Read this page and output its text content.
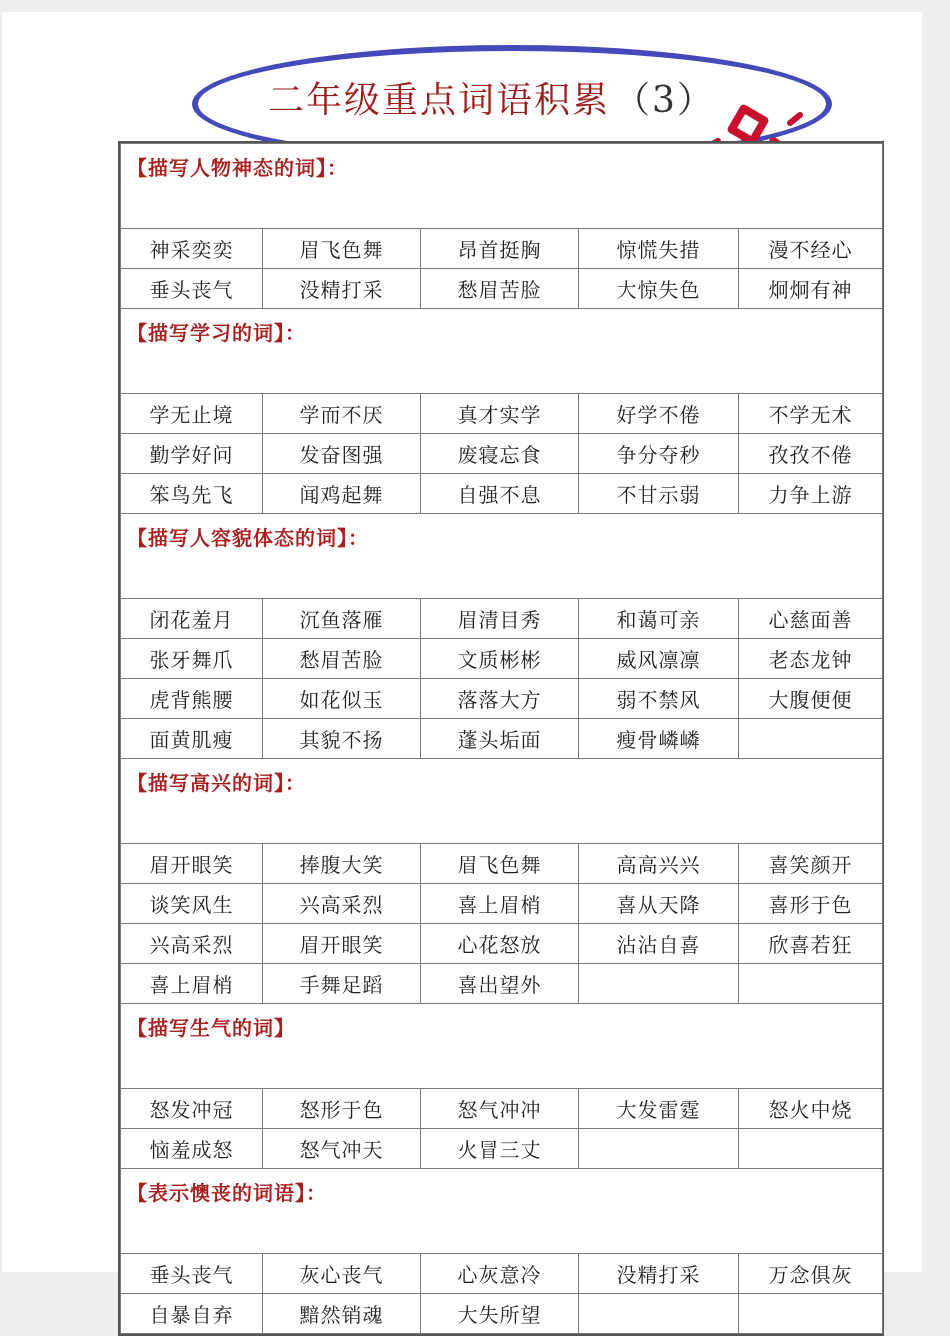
二年级重点词语积累 （3）
【描写人物神态的词】：				
神采奕奕	眉飞色舞	昂首挺胸	惊慌失措	漫不经心
垂头丧气	没精打采	愁眉苦脸	大惊失色	炯炯有神
【描写学习的词】：				
学无止境	学而不厌	真才实学	好学不倦	不学无术
勤学好问	发奋图强	废寝忘食	争分夺秒	孜孜不倦
笨鸟先飞	闻鸡起舞	自强不息	不甘示弱	力争上游
【描写人容貌体态的词】：				
闭花羞月	沉鱼落雁	眉清目秀	和蔼可亲	心慈面善
张牙舞爪	愁眉苦脸	文质彬彬	威风凛凛	老态龙钟
虎背熊腰	如花似玉	落落大方	弱不禁风	大腹便便
面黄肌瘦	其貌不扬	蓬头垢面	瘦骨嶙嶙	
【描写高兴的词】：				
眉开眼笑	捧腹大笑	眉飞色舞	高高兴兴	喜笑颜开
谈笑风生	兴高采烈	喜上眉梢	喜从天降	喜形于色
兴高采烈	眉开眼笑	心花怒放	沾沾自喜	欣喜若狂
喜上眉梢	手舞足蹈	喜出望外		
【描写生气的词】				
怒发冲冠	怒形于色	怒气冲冲	大发雷霆	怒火中烧
恼羞成怒	怒气冲天	火冒三丈		
【表示懊丧的词语】：				
垂头丧气	灰心丧气	心灰意冷	没精打采	万念俱灰
自暴自弃	黯然销魂	大失所望		
